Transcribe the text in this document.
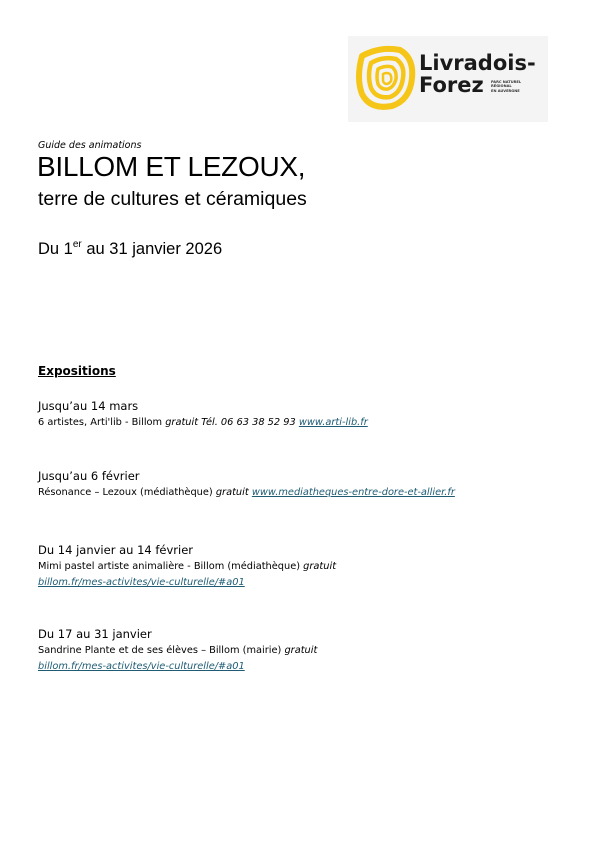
Livradois-
Forez PARC NATUREL
RÉGIONAL
EN AUVERGNE
Guide des animations
BILLOM ET LEZOUX,
terre de cultures et céramiques
Du 1er au 31 janvier 2026
Expositions
Jusqu’au 14 mars
6 artistes, Arti'lib - Billom gratuit Tél. 06 63 38 52 93 www.arti-lib.fr
Jusqu’au 6 février
Résonance – Lezoux (médiathèque) gratuit www.mediatheques-entre-dore-et-allier.fr
Du 14 janvier au 14 février
Mimi pastel artiste animalière - Billom (médiathèque) gratuit
billom.fr/mes-activites/vie-culturelle/#a01
Du 17 au 31 janvier
Sandrine Plante et de ses élèves – Billom (mairie) gratuit
billom.fr/mes-activites/vie-culturelle/#a01
